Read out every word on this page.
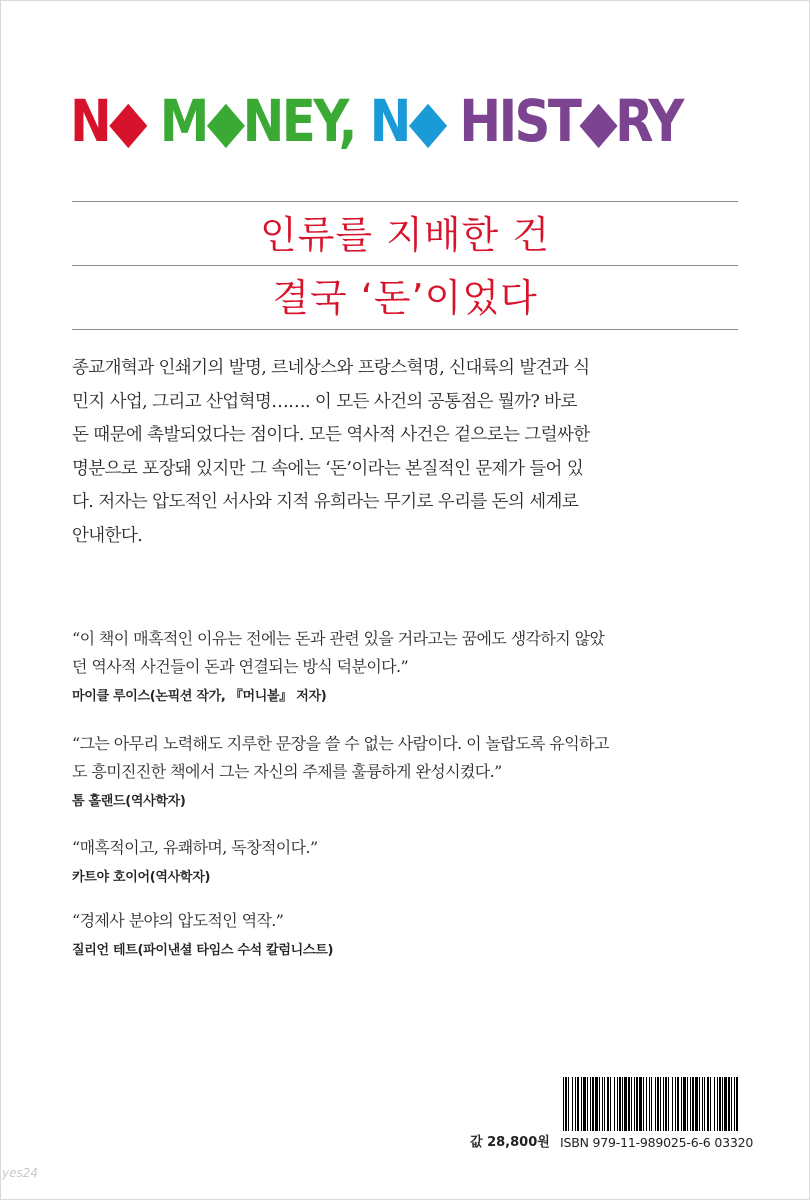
N◆ M◆NEY, N◆ HIST◆RY
인류를 지배한 건
결국 ‘돈’이었다

종교개혁과 인쇄기의 발명, 르네상스와 프랑스혁명, 신대륙의 발견과 식

민지 사업, 그리고 산업혁명……. 이 모든 사건의 공통점은 뭘까? 바로

돈 때문에 촉발되었다는 점이다. 모든 역사적 사건은 겉으로는 그럴싸한

명분으로 포장돼 있지만 그 속에는 ‘돈’이라는 본질적인 문제가 들어 있

다. 저자는 압도적인 서사와 지적 유희라는 무기로 우리를 돈의 세계로

안내한다.

“이 책이 매혹적인 이유는 전에는 돈과 관련 있을 거라고는 꿈에도 생각하지 않았
던 역사적 사건들이 돈과 연결되는 방식 덕분이다.”
마이클 루이스(논픽션 작가, 『머니볼』 저자)
“그는 아무리 노력해도 지루한 문장을 쓸 수 없는 사람이다. 이 놀랍도록 유익하고
도 흥미진진한 책에서 그는 자신의 주제를 훌륭하게 완성시켰다.”
톰 홀랜드(역사학자)
“매혹적이고, 유쾌하며, 독창적이다.”
카트야 호이어(역사학자)
“경제사 분야의 압도적인 역작.”
질리언 테트(파이낸셜 타임스 수석 칼럼니스트)
값 28,800원 ISBN 979-11-989025-6-6 03320
yes24
